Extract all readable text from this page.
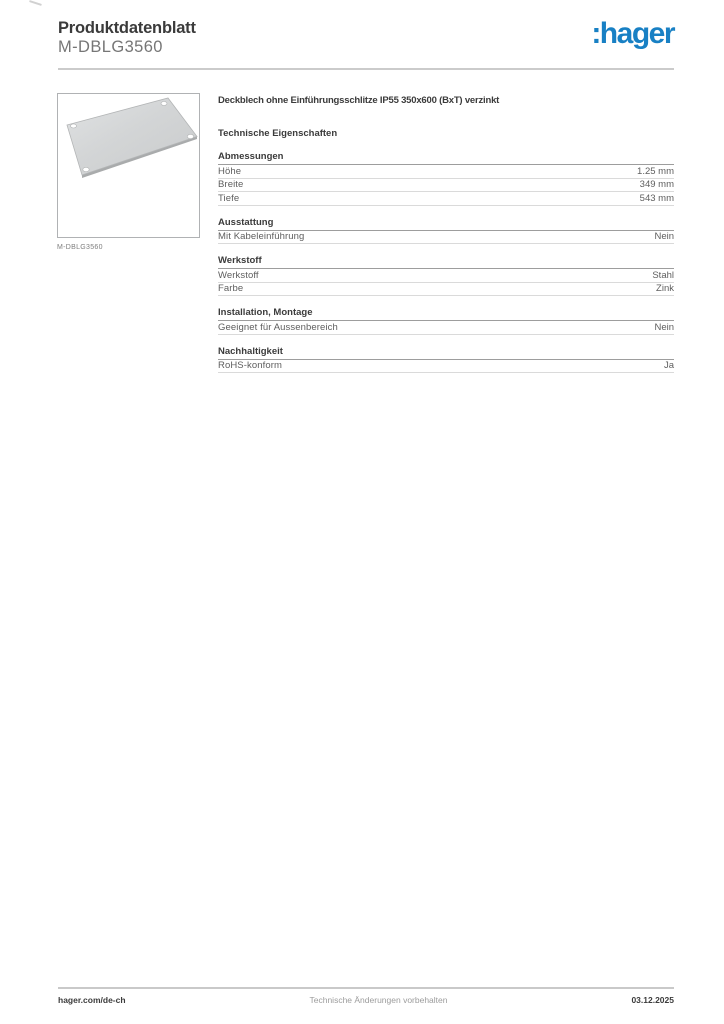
Produktdatenblatt
M-DBLG3560	:hager
M-DBLG3560
Deckblech ohne Einführungsschlitze IP55 350x600 (BxT) verzinkt
Technische Eigenschaften
Abmessungen
Höhe	1.25 mm
Breite	349 mm
Tiefe	543 mm
Ausstattung
Mit Kabeleinführung	Nein
Werkstoff
Werkstoff	Stahl
Farbe	Zink
Installation, Montage
Geeignet für Aussenbereich	Nein
Nachhaltigkeit
RoHS-konform	Ja
hager.com/de-ch	Technische Änderungen vorbehalten	03.12.2025
